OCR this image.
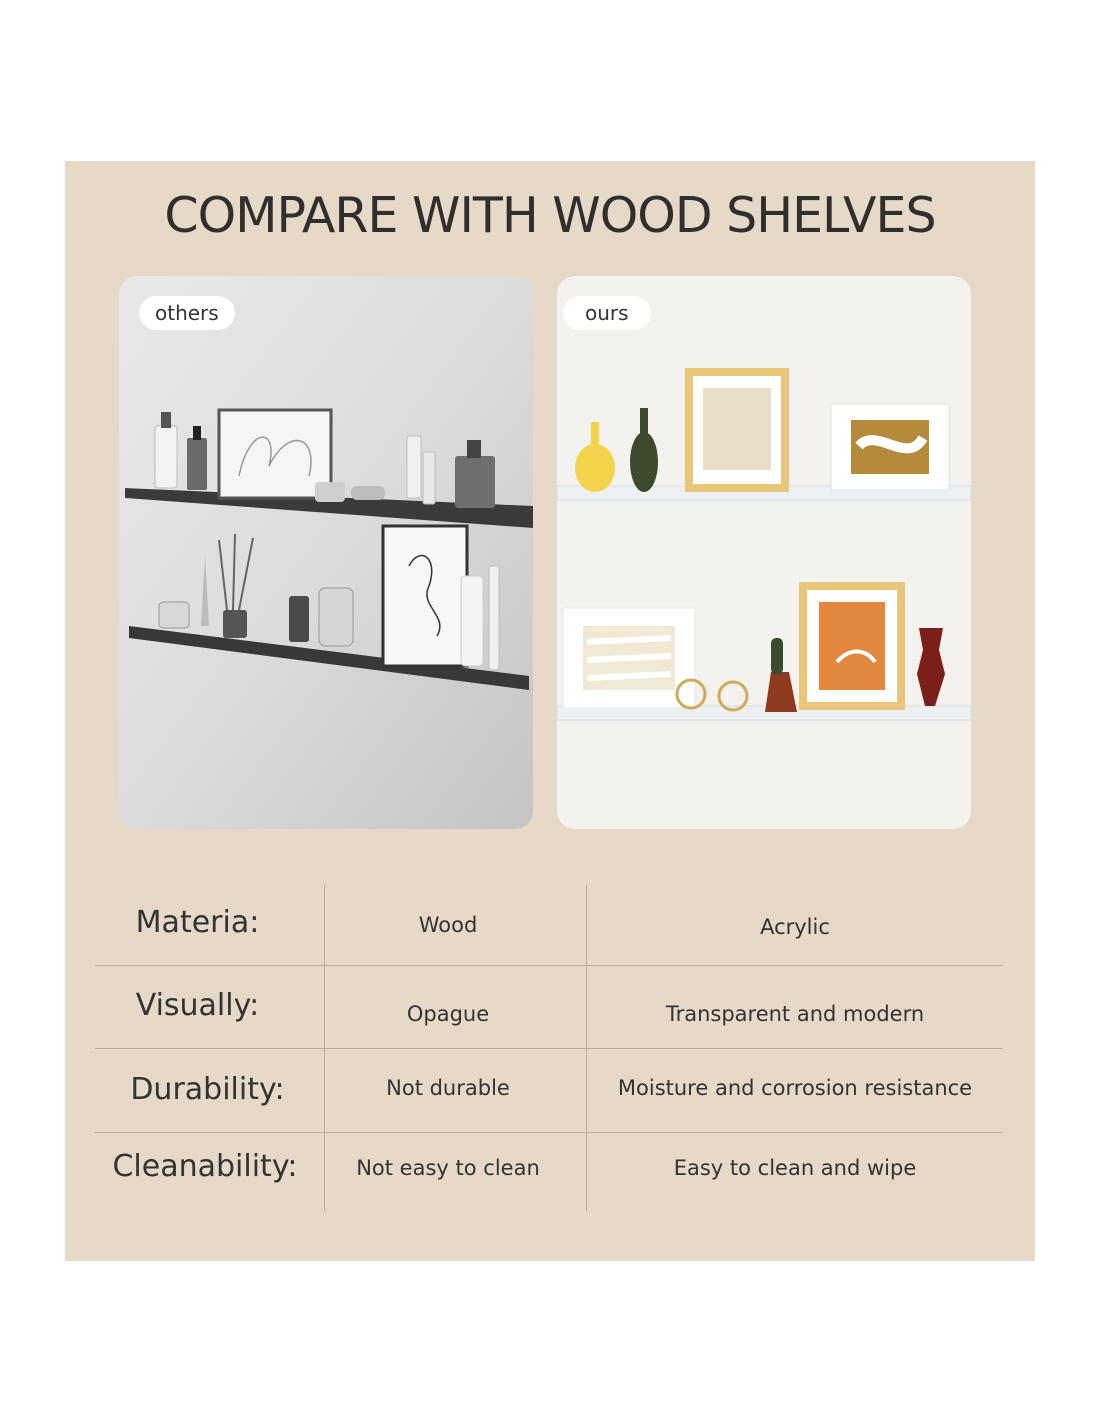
COMPARE WITH WOOD SHELVES
others	ours
Materia:	Wood	Acrylic
Visually:	Opague	Transparent and modern
Durability:	Not durable	Moisture and corrosion resistance
Cleanability:	Not easy to clean	Easy to clean and wipe
